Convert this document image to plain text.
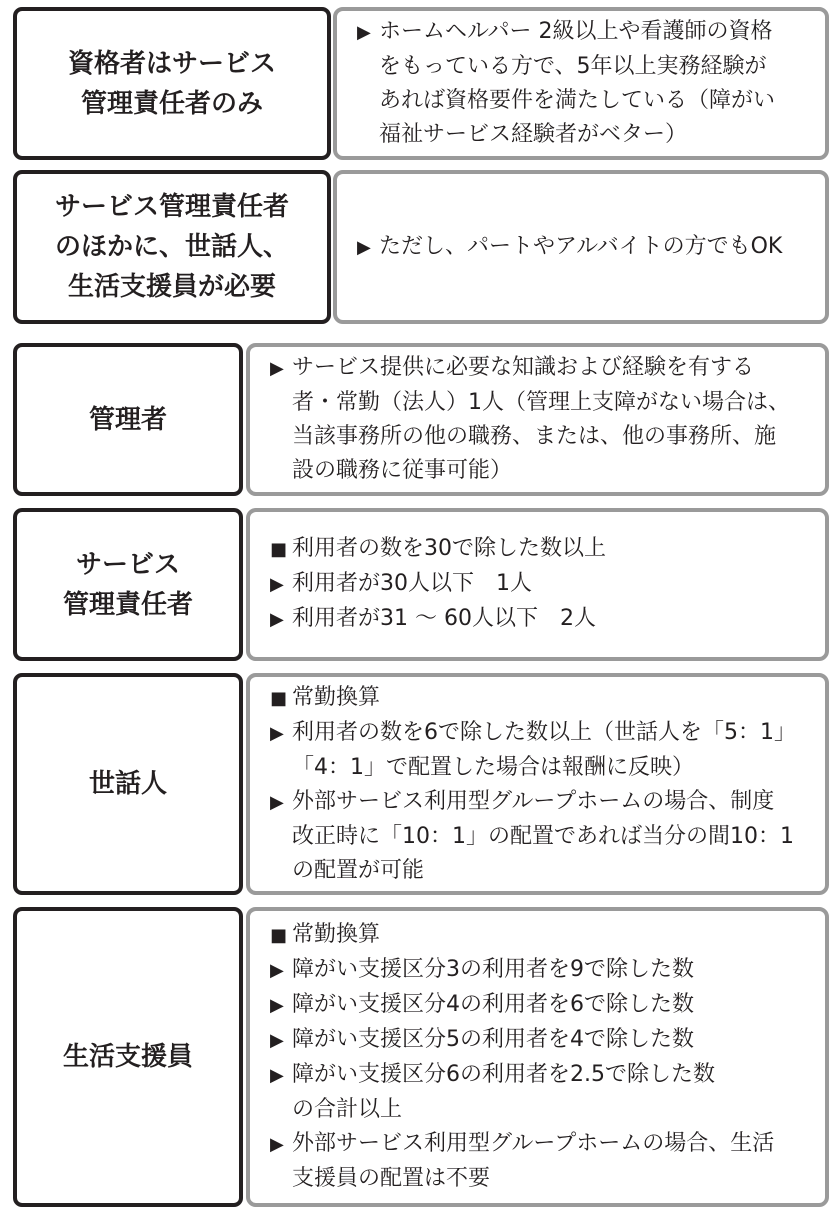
資格者はサービス
管理責任者のみ
▶ ホームヘルパー 2級以上や看護師の資格
をもっている方で、5年以上実務経験が
あれば資格要件を満たしている（障がい
福祉サービス経験者がベター）
サービス管理責任者
のほかに、世話人、
生活支援員が必要
▶ ただし、パートやアルバイトの方でもOK
管理者
▶ サービス提供に必要な知識および経験を有する
者・常勤（法人）1人（管理上支障がない場合は、
当該事務所の他の職務、または、他の事務所、施
設の職務に従事可能）
サービス
管理責任者
■ 利用者の数を30で除した数以上
▶ 利用者が30人以下　1人
▶ 利用者が31 ～ 60人以下　2人
世話人
■ 常勤換算
▶ 利用者の数を6で除した数以上（世話人を「5：1」
「4：1」で配置した場合は報酬に反映）
▶ 外部サービス利用型グループホームの場合、制度
改正時に「10：1」の配置であれば当分の間10：1
の配置が可能
生活支援員
■ 常勤換算
▶ 障がい支援区分3の利用者を9で除した数
▶ 障がい支援区分4の利用者を6で除した数
▶ 障がい支援区分5の利用者を4で除した数
▶ 障がい支援区分6の利用者を2.5で除した数
の合計以上
▶ 外部サービス利用型グループホームの場合、生活
支援員の配置は不要
